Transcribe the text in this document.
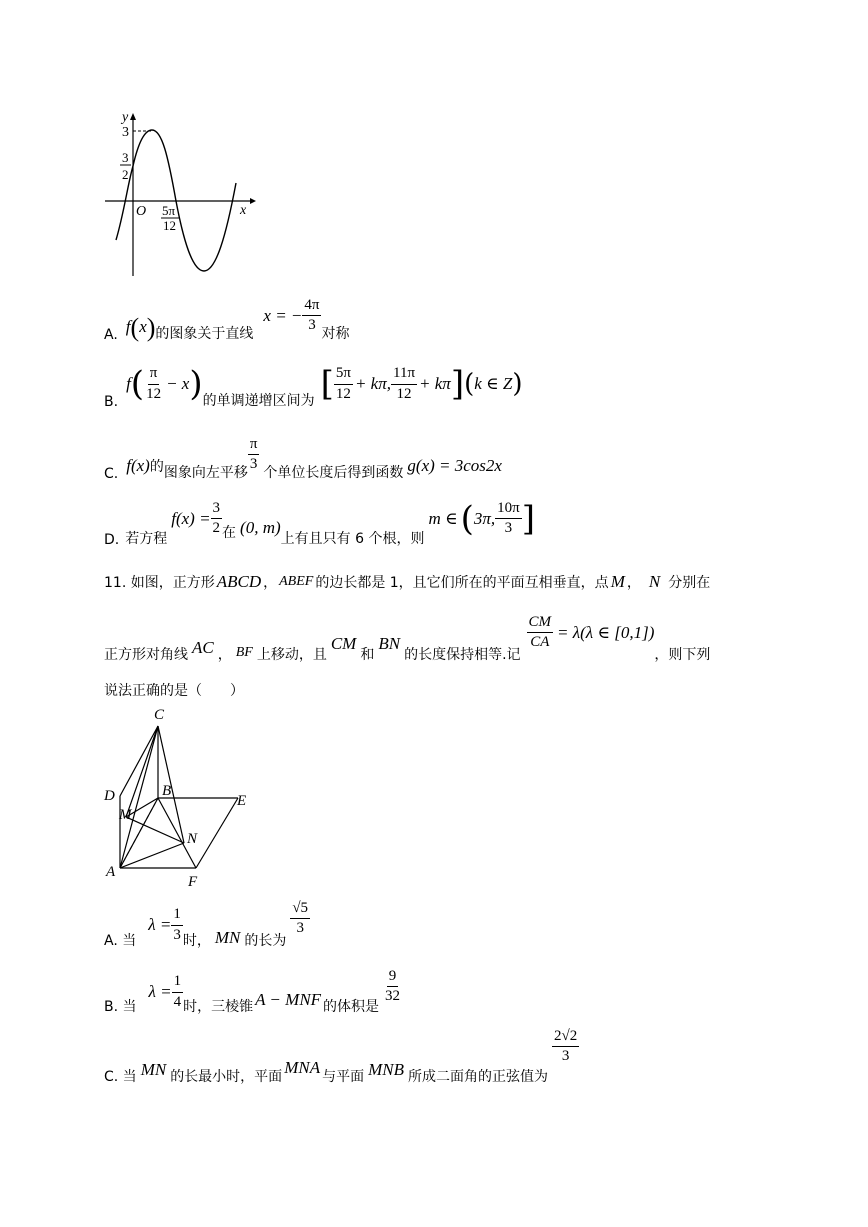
y
x
O
3
3
2
5π
12
A. f(x) 的图象关于直线
x = − $\frac{4\pi}{3}$ 对称
B.
f ( $\frac{\pi}{12} - x$ ) 的单调递增区间为 [ $\frac{5\pi}{12} + k\pi$, $\frac{11\pi}{12} + k\pi$ ] ( k ∈ Z )
C. f(x) 的 图象向左平移 $\frac{\pi}{3}$ 个单位长度后得到函数 g(x) = 3cos2x
D. 若方程
$f(x) = \frac{3}{2}$ 在 (0, m)
上有且只有 6 个根，则
m ∈ ( 3π, $\frac{10\pi}{3}$ ]
11. 如图，正方形 ABCD ， ABEF 的边长都是 1，且它们所在的平面互相垂直，点 M ， N 分别在
正方形对角线 AC ， BF 上移动，且
CM
和
BN
的长度保持相等.记
$\frac{CM}{CA} = \lambda$ (λ ∈ [0,1])
，则下列
说法正确的是（　　）
C
D	B
E
M
N
A
F
A. 当
$\lambda = \frac{1}{3}$ 时， MN 的长为
$\frac{√5}{3}$
B. 当
$\lambda = \frac{1}{4}$ 时，三棱锥 A − MNF 的体积是
$\frac{9}{32}$
C. 当 MN 的长最小时，平面 MNA 与平面 MNB 所成二面角的正弦值为
$\frac{2√2}{3}$
